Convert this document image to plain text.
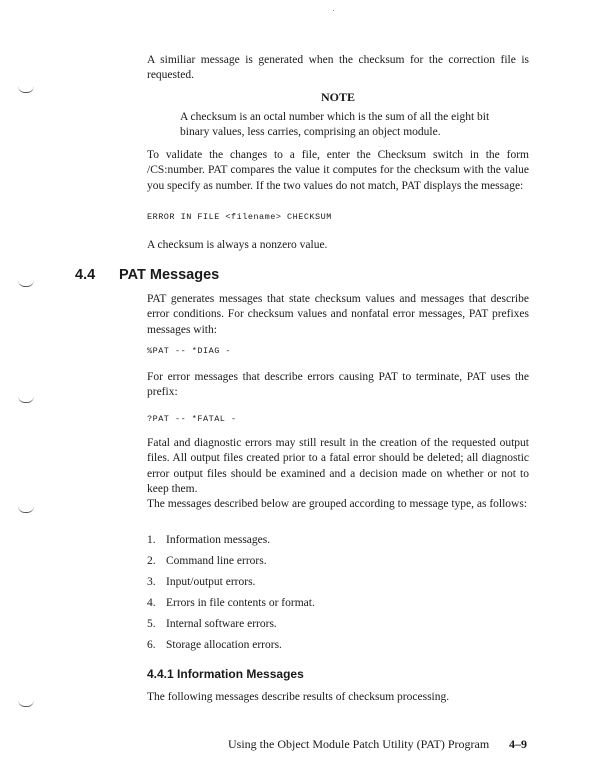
A similiar message is generated when the checksum for the correction file is requested.

NOTE

A checksum is an octal number which is the sum of all the eight bit binary values, less carries, comprising an object module.

To validate the changes to a file, enter the Checksum switch in the form /CS:number. PAT compares the value it computes for the checksum with the value you specify as number. If the two values do not match, PAT displays the message:

ERROR IN FILE <filename> CHECKSUM

A checksum is always a nonzero value.

4.4 PAT Messages

PAT generates messages that state checksum values and messages that describe error conditions. For checksum values and nonfatal error messages, PAT prefixes messages with:

%PAT -- *DIAG -

For error messages that describe errors causing PAT to terminate, PAT uses the prefix:

?PAT -- *FATAL -

Fatal and diagnostic errors may still result in the creation of the requested output files. All output files created prior to a fatal error should be deleted; all diagnostic error output files should be examined and a decision made on whether or not to keep them.

The messages described below are grouped according to message type, as follows:

1. Information messages.
2. Command line errors.
3. Input/output errors.
4. Errors in file contents or format.
5. Internal software errors.
6. Storage allocation errors.
4.4.1 Information Messages

The following messages describe results of checksum processing.

Using the Object Module Patch Utility (PAT) Program 4–9
